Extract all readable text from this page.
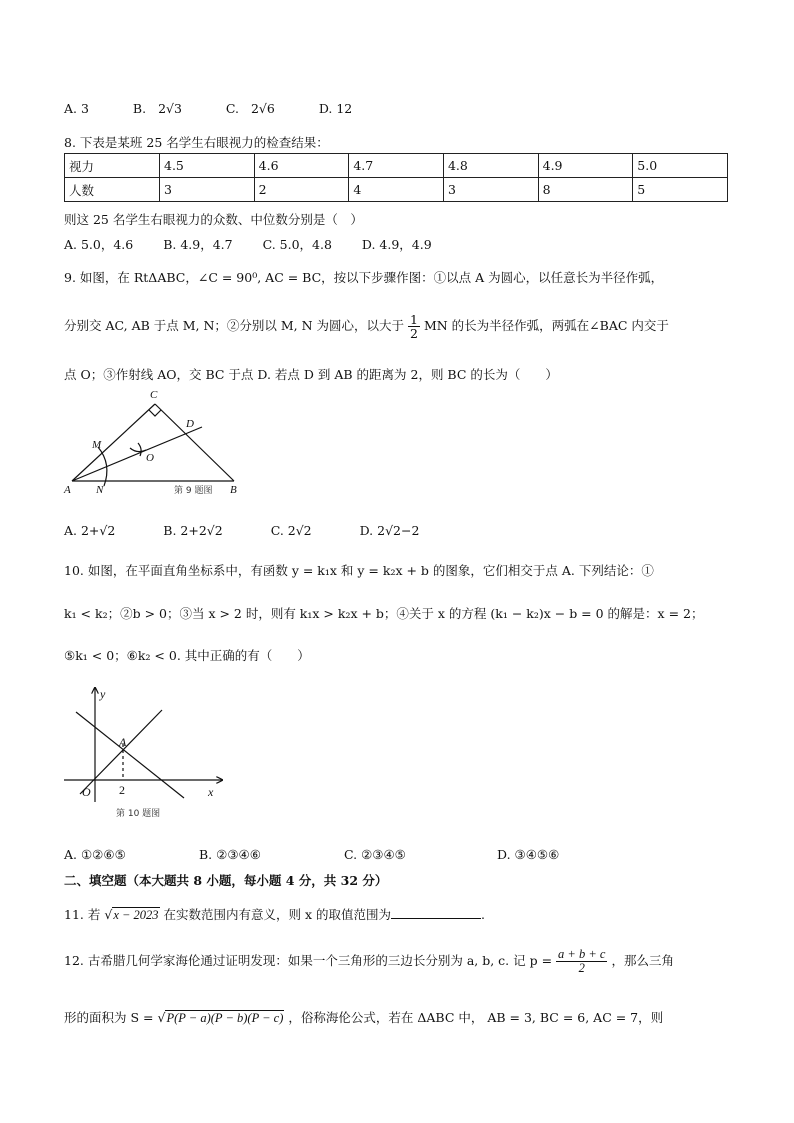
A. 3	B. 2√3	C. 2√6	D. 12
8. 下表是某班 25 名学生右眼视力的检查结果：
视力	4.5	4.6	4.7	4.8	4.9	5.0
人数	3	2	4	3	8	5
则这 25 名学生右眼视力的众数、中位数分别是（　）
A. 5.0，4.6 B. 4.9，4.7 C. 5.0，4.8 D. 4.9，4.9
9. 如图，在 RtΔABC，∠C = 90⁰, AC = BC，按以下步骤作图：①以点 A 为圆心，以任意长为半径作弧，
分别交 AC, AB 于点 M, N；②分别以 M, N 为圆心，以大于 $\frac{1}{2}$ MN 的长为半径作弧，两弧在∠BAC 内交于
点 O；③作射线 AO，交 BC 于点 D. 若点 D 到 AB 的距离为 2，则 BC 的长为（　　）
C
D
M
O
A N	B
第 9 题图
A. 2+√2	B. 2+2√2	C. 2√2	D. 2√2−2
10. 如图，在平面直角坐标系中，有函数 y = k₁x 和 y = k₂x + b 的图象，它们相交于点 A. 下列结论：①
k₁ < k₂；②b > 0；③当 x > 2 时，则有 k₁x > k₂x + b；④关于 x 的方程 (k₁ − k₂)x − b = 0 的解是：x = 2；
⑤k₁ < 0；⑥k₂ < 0. 其中正确的有（　　）
y
A
O	x
2
第 10 题图
A. ①②⑥⑤	B. ②③④⑥	C. ②③④⑤	D. ③④⑤⑥
二、填空题（本大题共 8 小题，每小题 4 分，共 32 分）
11. 若 √x − 2023 在实数范围内有意义，则 x 的取值范围为	.
12. 古希腊几何学家海伦通过证明发现：如果一个三角形的三边长分别为 a, b, c. 记 $p = \frac{a + b + c}{2}$ ，那么三角
形的面积为 S = √P(P − a)(P − b)(P − c) ，俗称海伦公式，若在 ΔABC 中， AB = 3, BC = 6, AC = 7，则
